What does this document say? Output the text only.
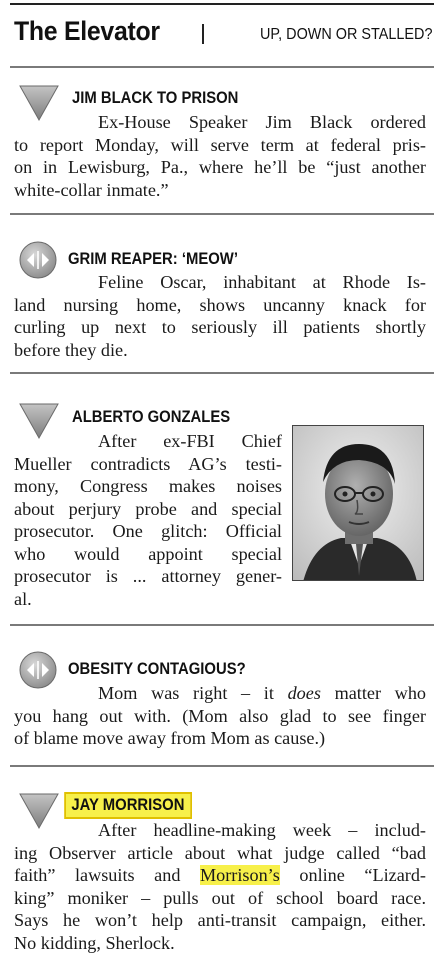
The Elevator	UP, DOWN OR STALLED?
JIM BLACK TO PRISON
Ex-House Speaker Jim Black ordered
to report Monday, will serve term at federal pris-
on in Lewisburg, Pa., where he’ll be “just another
white-collar inmate.”
GRIM REAPER: ‘MEOW’
Feline Oscar, inhabitant at Rhode Is-
land nursing home, shows uncanny knack for
curling up next to seriously ill patients shortly
before they die.
ALBERTO GONZALES
After ex-FBI Chief
Mueller contradicts AG’s testi-
mony, Congress makes noises
about perjury probe and special
prosecutor. One glitch: Official
who would appoint special
prosecutor is ... attorney gener-
al.
OBESITY CONTAGIOUS?
Mom was right – it does matter who
you hang out with. (Mom also glad to see finger
of blame move away from Mom as cause.)
JAY MORRISON
After headline-making week – includ-
ing Observer article about what judge called “bad
faith” lawsuits and Morrison’s online “Lizard-
king” moniker – pulls out of school board race.
Says he won’t help anti-transit campaign, either.
No kidding, Sherlock.
